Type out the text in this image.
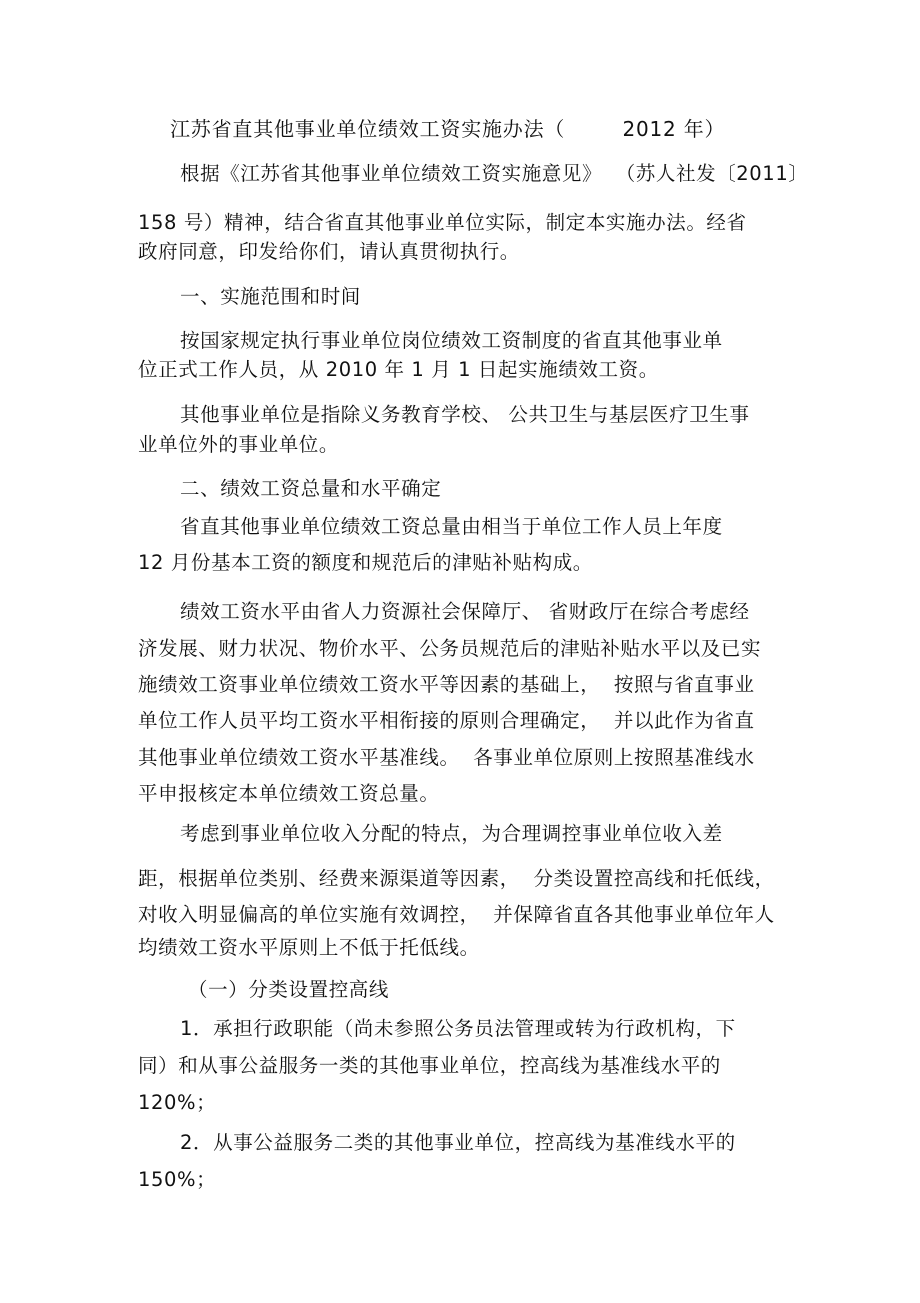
江苏省直其他事业单位绩效工资实施办法（        2012 年）
根据《江苏省其他事业单位绩效工资实施意见》  （苏人社发〔2011〕
158 号）精神，结合省直其他事业单位实际，制定本实施办法。经省
政府同意，印发给你们，请认真贯彻执行。
一、实施范围和时间
按国家规定执行事业单位岗位绩效工资制度的省直其他事业单
位正式工作人员，从 2010 年 1 月 1 日起实施绩效工资。
其他事业单位是指除义务教育学校、 公共卫生与基层医疗卫生事
业单位外的事业单位。
二、绩效工资总量和水平确定
省直其他事业单位绩效工资总量由相当于单位工作人员上年度
12 月份基本工资的额度和规范后的津贴补贴构成。
绩效工资水平由省人力资源社会保障厅、 省财政厅在综合考虑经
济发展、财力状况、物价水平、公务员规范后的津贴补贴水平以及已实
施绩效工资事业单位绩效工资水平等因素的基础上，  按照与省直事业
单位工作人员平均工资水平相衔接的原则合理确定，  并以此作为省直
其他事业单位绩效工资水平基准线。  各事业单位原则上按照基准线水
平申报核定本单位绩效工资总量。
考虑到事业单位收入分配的特点，为合理调控事业单位收入差
距，根据单位类别、经费来源渠道等因素，  分类设置控高线和托低线，
对收入明显偏高的单位实施有效调控，  并保障省直各其他事业单位年人
均绩效工资水平原则上不低于托低线。
（一）分类设置控高线
1．承担行政职能（尚未参照公务员法管理或转为行政机构，下
同）和从事公益服务一类的其他事业单位，控高线为基准线水平的
120%；
2．从事公益服务二类的其他事业单位，控高线为基准线水平的
150%；
